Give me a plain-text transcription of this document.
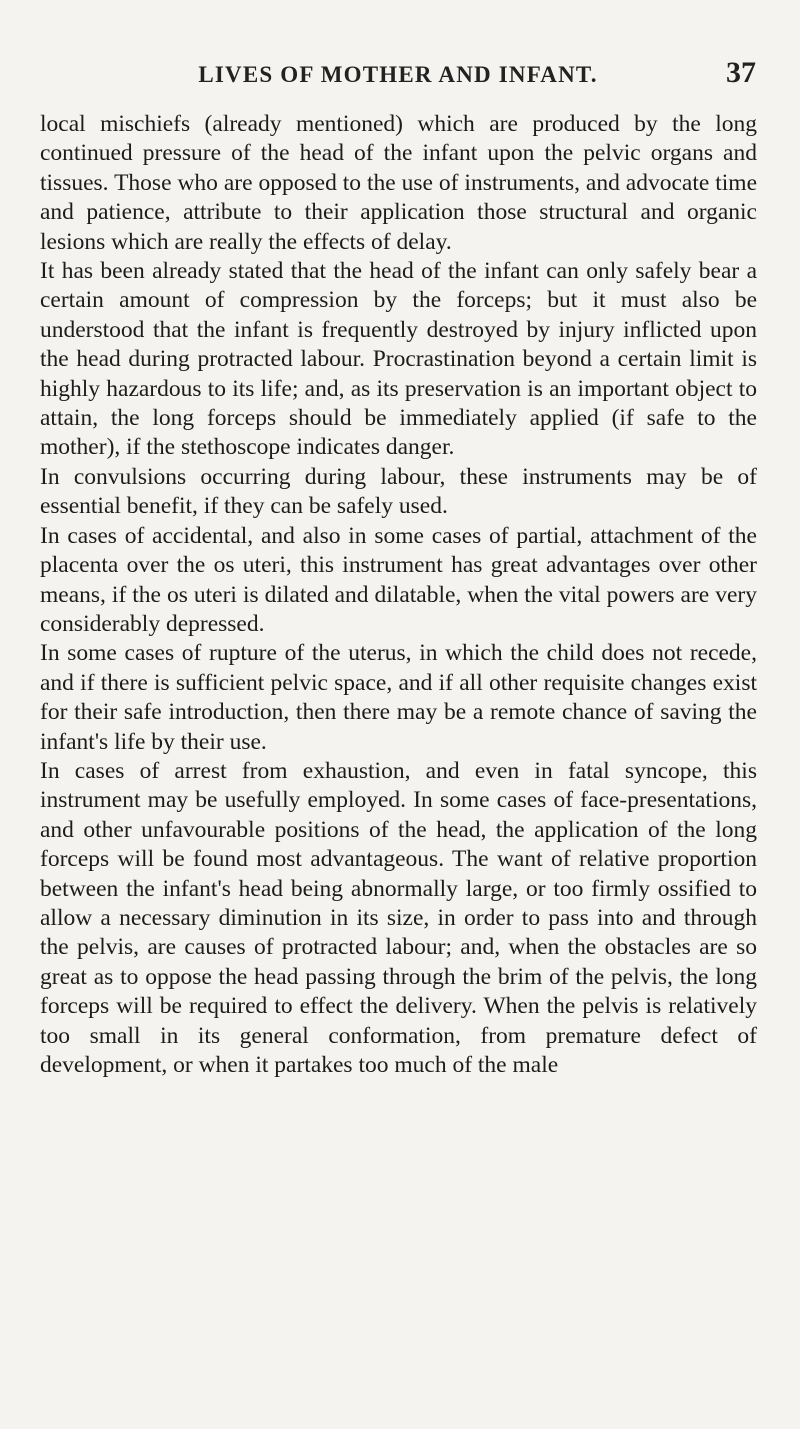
LIVES OF MOTHER AND INFANT.	37

local mischiefs (already mentioned) which are produced by the long continued pressure of the head of the infant upon the pelvic organs and tissues. Those who are opposed to the use of instruments, and advocate time and patience, attribute to their application those structural and organic lesions which are really the effects of delay.

It has been already stated that the head of the infant can only safely bear a certain amount of compression by the forceps; but it must also be understood that the infant is frequently destroyed by injury inflicted upon the head during protracted labour. Procrastination beyond a certain limit is highly hazardous to its life; and, as its preservation is an important object to attain, the long forceps should be immediately applied (if safe to the mother), if the stethoscope indicates danger.

In convulsions occurring during labour, these instruments may be of essential benefit, if they can be safely used.

In cases of accidental, and also in some cases of partial, attachment of the placenta over the os uteri, this instrument has great advantages over other means, if the os uteri is dilated and dilatable, when the vital powers are very considerably depressed.

In some cases of rupture of the uterus, in which the child does not recede, and if there is sufficient pelvic space, and if all other requisite changes exist for their safe introduction, then there may be a remote chance of saving the infant's life by their use.

In cases of arrest from exhaustion, and even in fatal syncope, this instrument may be usefully employed. In some cases of face-presentations, and other unfavourable positions of the head, the application of the long forceps will be found most advantageous. The want of relative proportion between the infant's head being abnormally large, or too firmly ossified to allow a necessary diminution in its size, in order to pass into and through the pelvis, are causes of protracted labour; and, when the obstacles are so great as to oppose the head passing through the brim of the pelvis, the long forceps will be required to effect the delivery. When the pelvis is relatively too small in its general conformation, from premature defect of development, or when it partakes too much of the male
